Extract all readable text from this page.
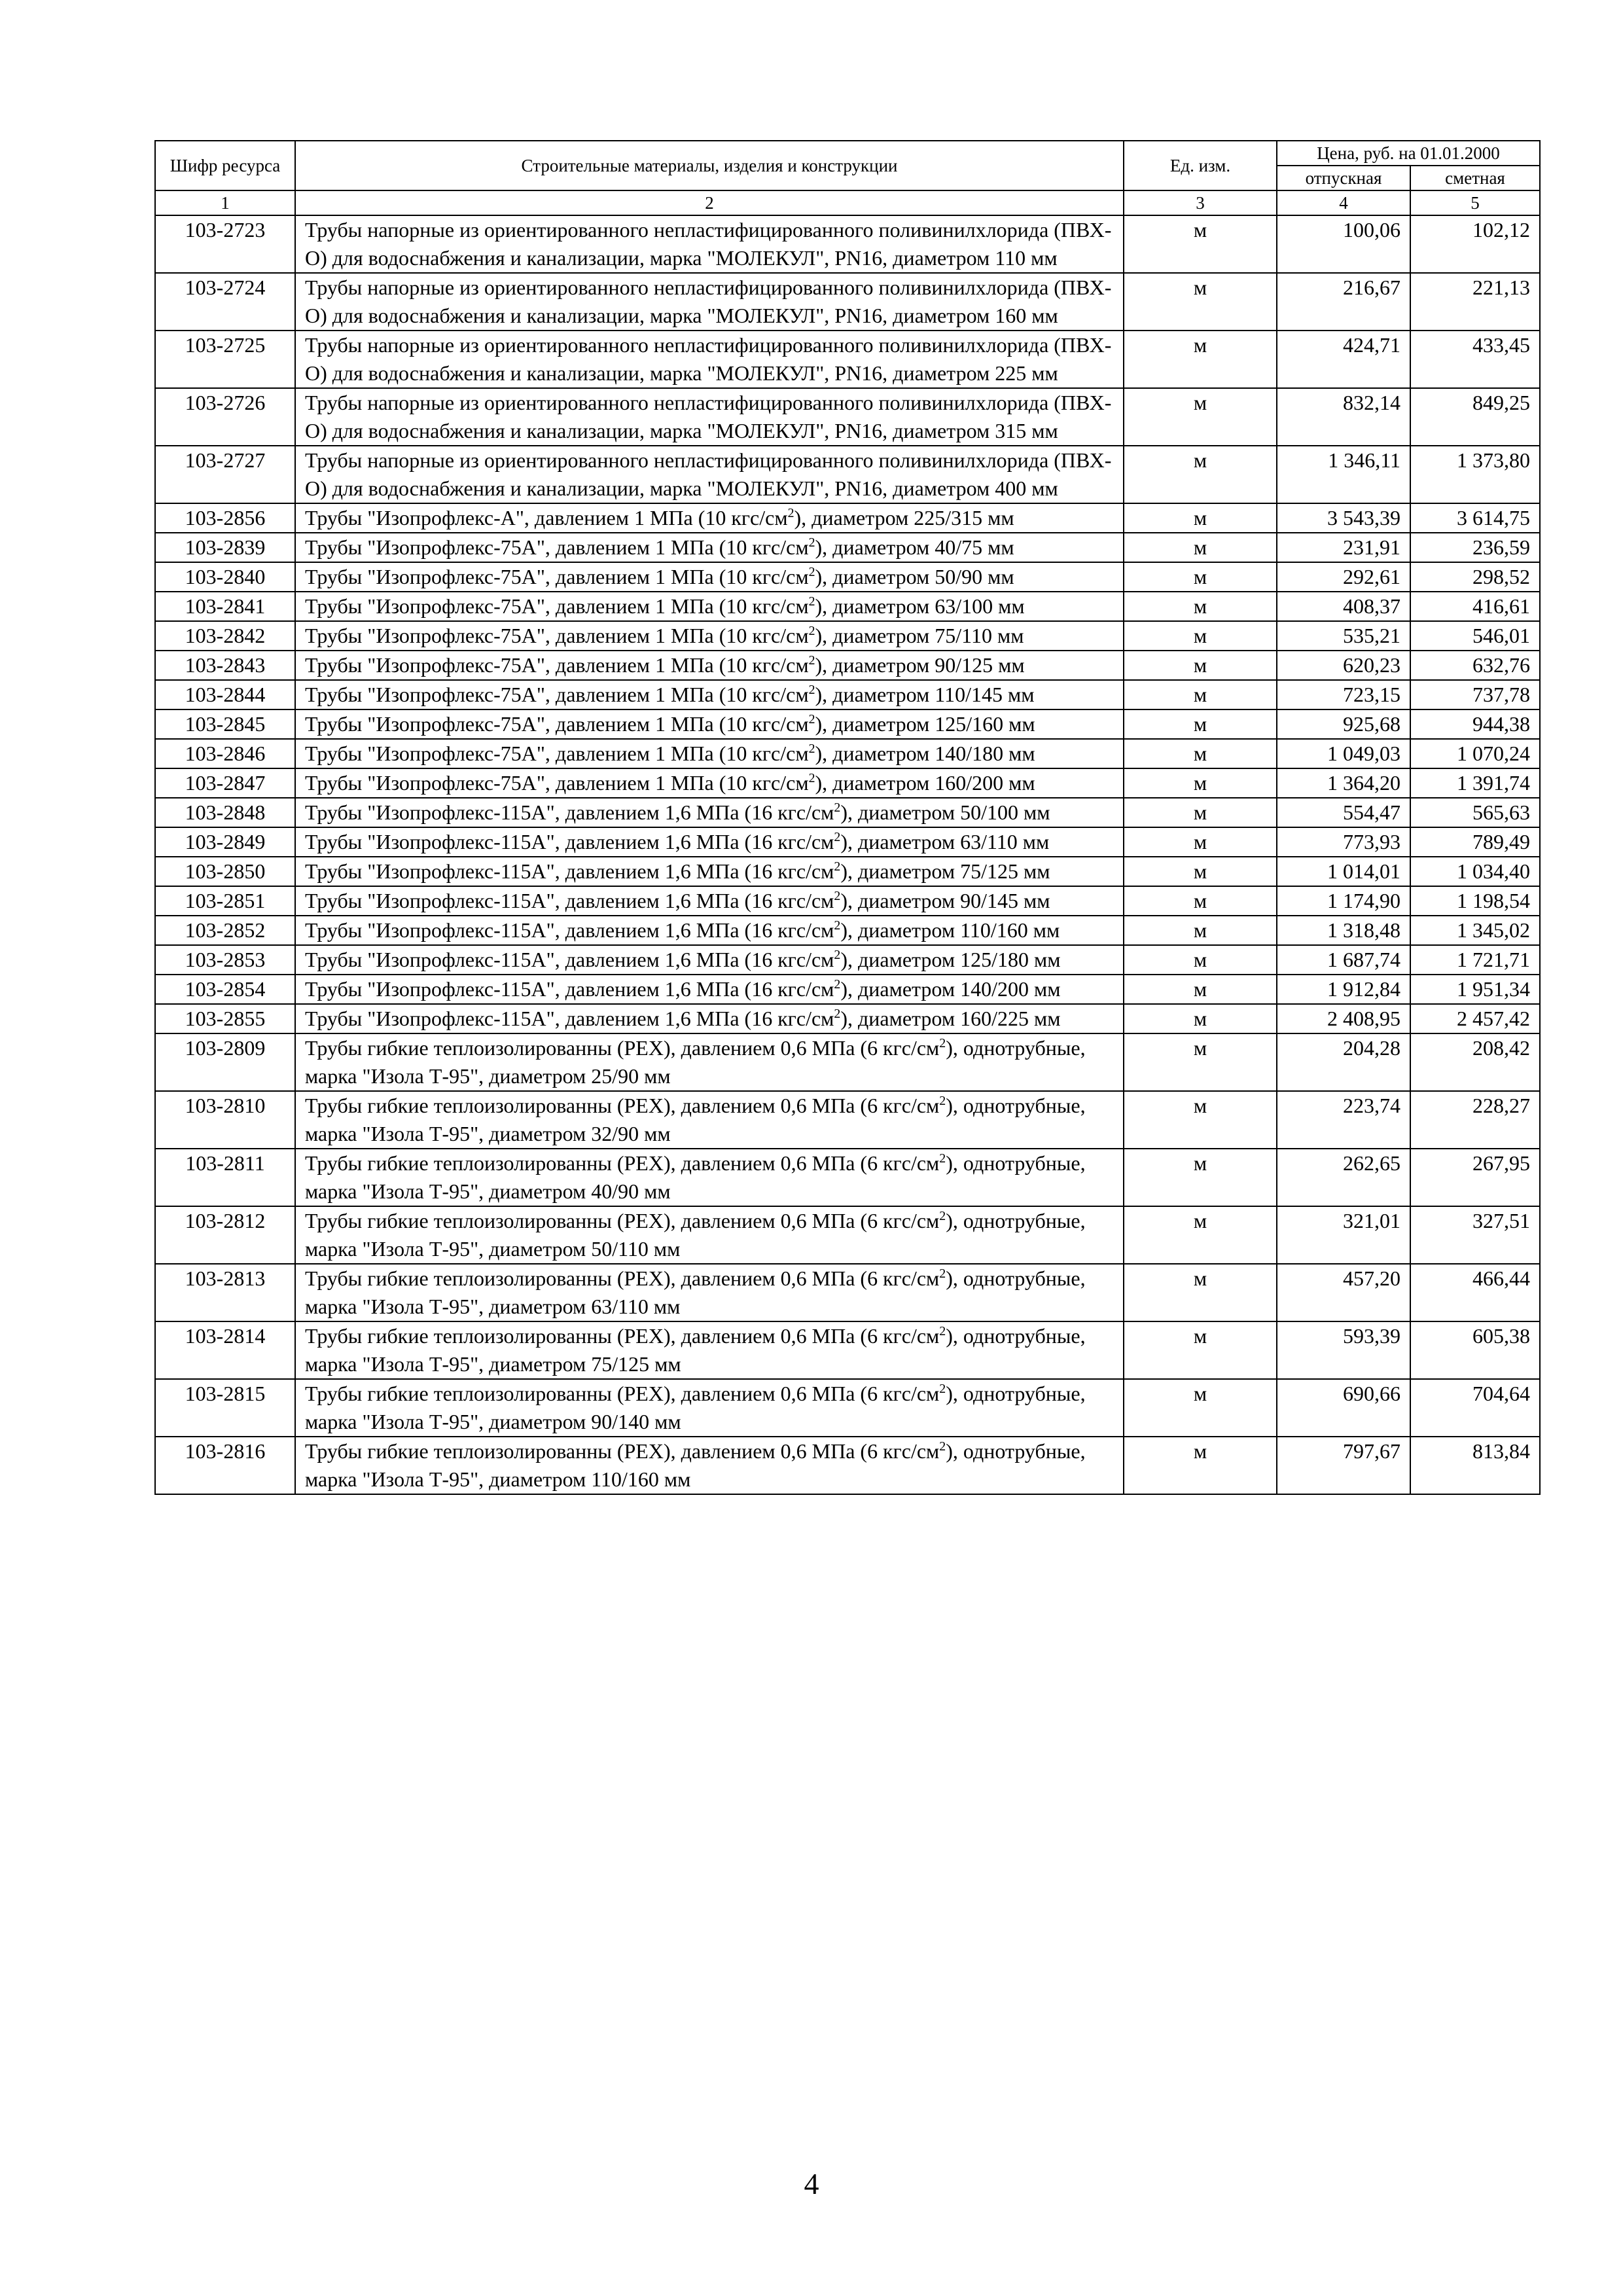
Шифр ресурса	Строительные материалы, изделия и конструкции	Ед. изм.	Цена, руб. на 01.01.2000	
			отпускная	сметная
1	2	3	4	5
103-2723	Трубы напорные из ориентированного непластифицированного поливинилхлорида (ПВХ-О) для водоснабжения и канализации, марка "МОЛЕКУЛ", PN16, диаметром 110 мм	м	100,06	102,12
103-2724	Трубы напорные из ориентированного непластифицированного поливинилхлорида (ПВХ-О) для водоснабжения и канализации, марка "МОЛЕКУЛ", PN16, диаметром 160 мм	м	216,67	221,13
103-2725	Трубы напорные из ориентированного непластифицированного поливинилхлорида (ПВХ-О) для водоснабжения и канализации, марка "МОЛЕКУЛ", PN16, диаметром 225 мм	м	424,71	433,45
103-2726	Трубы напорные из ориентированного непластифицированного поливинилхлорида (ПВХ-О) для водоснабжения и канализации, марка "МОЛЕКУЛ", PN16, диаметром 315 мм	м	832,14	849,25
103-2727	Трубы напорные из ориентированного непластифицированного поливинилхлорида (ПВХ-О) для водоснабжения и канализации, марка "МОЛЕКУЛ", PN16, диаметром 400 мм	м	1 346,11	1 373,80
103-2856	Трубы "Изопрофлекс-А", давлением 1 МПа (10 кгс/$см^2$), диаметром 225/315 мм	м	3 543,39	3 614,75
103-2839	Трубы "Изопрофлекс-75А", давлением 1 МПа (10 кгс/$см^2$), диаметром 40/75 мм	м	231,91	236,59
103-2840	Трубы "Изопрофлекс-75А", давлением 1 МПа (10 кгс/$см^2$), диаметром 50/90 мм	м	292,61	298,52
103-2841	Трубы "Изопрофлекс-75А", давлением 1 МПа (10 кгс/$см^2$), диаметром 63/100 мм	м	408,37	416,61
103-2842	Трубы "Изопрофлекс-75А", давлением 1 МПа (10 кгс/$см^2$), диаметром 75/110 мм	м	535,21	546,01
103-2843	Трубы "Изопрофлекс-75А", давлением 1 МПа (10 кгс/$см^2$), диаметром 90/125 мм	м	620,23	632,76
103-2844	Трубы "Изопрофлекс-75А", давлением 1 МПа (10 кгс/$см^2$), диаметром 110/145 мм	м	723,15	737,78
103-2845	Трубы "Изопрофлекс-75А", давлением 1 МПа (10 кгс/$см^2$), диаметром 125/160 мм	м	925,68	944,38
103-2846	Трубы "Изопрофлекс-75А", давлением 1 МПа (10 кгс/$см^2$), диаметром 140/180 мм	м	1 049,03	1 070,24
103-2847	Трубы "Изопрофлекс-75А", давлением 1 МПа (10 кгс/$см^2$), диаметром 160/200 мм	м	1 364,20	1 391,74
103-2848	Трубы "Изопрофлекс-115А", давлением 1,6 МПа (16 кгс/$см^2$), диаметром 50/100 мм	м	554,47	565,63
103-2849	Трубы "Изопрофлекс-115А", давлением 1,6 МПа (16 кгс/$см^2$), диаметром 63/110 мм	м	773,93	789,49
103-2850	Трубы "Изопрофлекс-115А", давлением 1,6 МПа (16 кгс/$см^2$), диаметром 75/125 мм	м	1 014,01	1 034,40
103-2851	Трубы "Изопрофлекс-115А", давлением 1,6 МПа (16 кгс/$см^2$), диаметром 90/145 мм	м	1 174,90	1 198,54
103-2852	Трубы "Изопрофлекс-115А", давлением 1,6 МПа (16 кгс/$см^2$), диаметром 110/160 мм	м	1 318,48	1 345,02
103-2853	Трубы "Изопрофлекс-115А", давлением 1,6 МПа (16 кгс/$см^2$), диаметром 125/180 мм	м	1 687,74	1 721,71
103-2854	Трубы "Изопрофлекс-115А", давлением 1,6 МПа (16 кгс/$см^2$), диаметром 140/200 мм	м	1 912,84	1 951,34
103-2855	Трубы "Изопрофлекс-115А", давлением 1,6 МПа (16 кгс/$см^2$), диаметром 160/225 мм	м	2 408,95	2 457,42
103-2809	Трубы гибкие теплоизолированны (PEX), давлением 0,6 МПа (6 кгс/$см^2$), однотрубные, марка "Изола Т-95", диаметром 25/90 мм	м	204,28	208,42
103-2810	Трубы гибкие теплоизолированны (PEX), давлением 0,6 МПа (6 кгс/$см^2$), однотрубные, марка "Изола Т-95", диаметром 32/90 мм	м	223,74	228,27
103-2811	Трубы гибкие теплоизолированны (PEX), давлением 0,6 МПа (6 кгс/$см^2$), однотрубные, марка "Изола Т-95", диаметром 40/90 мм	м	262,65	267,95
103-2812	Трубы гибкие теплоизолированны (PEX), давлением 0,6 МПа (6 кгс/$см^2$), однотрубные, марка "Изола Т-95", диаметром 50/110 мм	м	321,01	327,51
103-2813	Трубы гибкие теплоизолированны (PEX), давлением 0,6 МПа (6 кгс/$см^2$), однотрубные, марка "Изола Т-95", диаметром 63/110 мм	м	457,20	466,44
103-2814	Трубы гибкие теплоизолированны (PEX), давлением 0,6 МПа (6 кгс/$см^2$), однотрубные, марка "Изола Т-95", диаметром 75/125 мм	м	593,39	605,38
103-2815	Трубы гибкие теплоизолированны (PEX), давлением 0,6 МПа (6 кгс/$см^2$), однотрубные, марка "Изола Т-95", диаметром 90/140 мм	м	690,66	704,64
103-2816	Трубы гибкие теплоизолированны (PEX), давлением 0,6 МПа (6 кгс/$см^2$), однотрубные, марка "Изола Т-95", диаметром 110/160 мм	м	797,67	813,84
4
